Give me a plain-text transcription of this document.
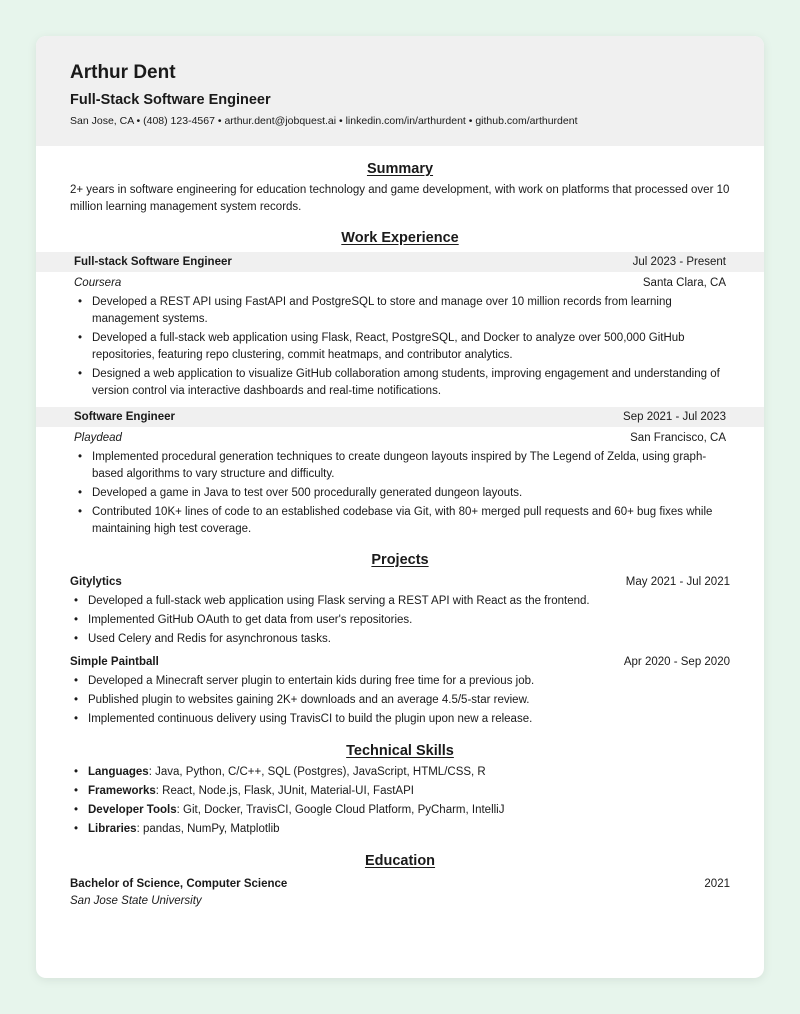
Arthur Dent
Full-Stack Software Engineer
San Jose, CA • (408) 123-4567 • arthur.dent@jobquest.ai • linkedin.com/in/arthurdent • github.com/arthurdent
Summary
2+ years in software engineering for education technology and game development, with work on platforms that processed over 10 million learning management system records.
Work Experience
Full-stack Software Engineer	Jul 2023 - Present
Coursera	Santa Clara, CA
• Developed a REST API using FastAPI and PostgreSQL to store and manage over 10 million records from learning management systems.
• Developed a full-stack web application using Flask, React, PostgreSQL, and Docker to analyze over 500,000 GitHub repositories, featuring repo clustering, commit heatmaps, and contributor analytics.
• Designed a web application to visualize GitHub collaboration among students, improving engagement and understanding of version control via interactive dashboards and real-time notifications.
Software Engineer	Sep 2021 - Jul 2023
Playdead	San Francisco, CA
• Implemented procedural generation techniques to create dungeon layouts inspired by The Legend of Zelda, using graph-based algorithms to vary structure and difficulty.
• Developed a game in Java to test over 500 procedurally generated dungeon layouts.
• Contributed 10K+ lines of code to an established codebase via Git, with 80+ merged pull requests and 60+ bug fixes while maintaining high test coverage.
Projects
Gitylytics	May 2021 - Jul 2021
• Developed a full-stack web application using Flask serving a REST API with React as the frontend.
• Implemented GitHub OAuth to get data from user's repositories.
• Used Celery and Redis for asynchronous tasks.
Simple Paintball	Apr 2020 - Sep 2020
• Developed a Minecraft server plugin to entertain kids during free time for a previous job.
• Published plugin to websites gaining 2K+ downloads and an average 4.5/5-star review.
• Implemented continuous delivery using TravisCI to build the plugin upon new a release.
Technical Skills
• Languages: Java, Python, C/C++, SQL (Postgres), JavaScript, HTML/CSS, R
• Frameworks: React, Node.js, Flask, JUnit, Material-UI, FastAPI
• Developer Tools: Git, Docker, TravisCI, Google Cloud Platform, PyCharm, IntelliJ
• Libraries: pandas, NumPy, Matplotlib
Education
Bachelor of Science, Computer Science	2021
San Jose State University
